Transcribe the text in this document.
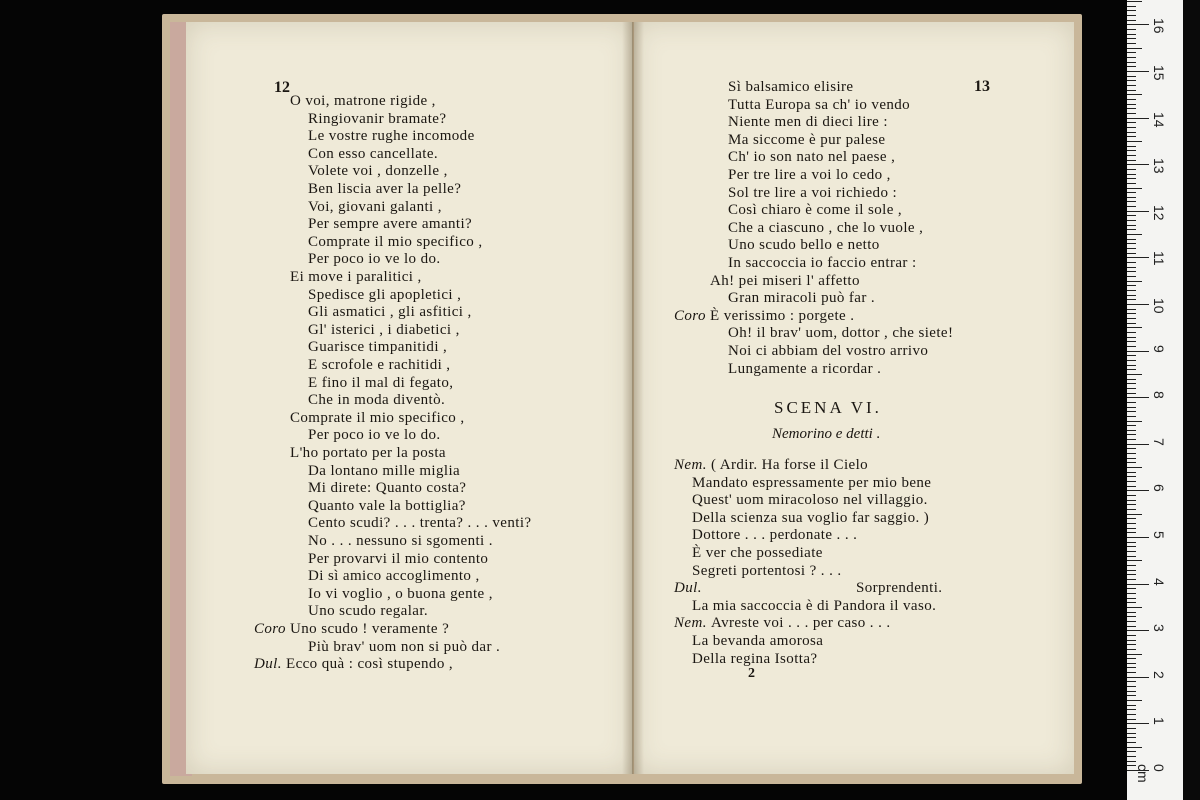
12
O voi, matrone rigide ,
Ringiovanir bramate?
Le vostre rughe incomode
Con esso cancellate.
Volete voi , donzelle ,
Ben liscia aver la pelle?
Voi, giovani galanti ,
Per sempre avere amanti?
Comprate il mio specifico ,
Per poco io ve lo do.
Ei move i paralitici ,
Spedisce gli apopletici ,
Gli asmatici , gli asfitici ,
Gl' isterici , i diabetici ,
Guarisce timpanitidi ,
E scrofole e rachitidi ,
E fino il mal di fegato,
Che in moda diventò.
Comprate il mio specifico ,
Per poco io ve lo do.
L'ho portato per la posta
Da lontano mille miglia
Mi direte: Quanto costa?
Quanto vale la bottiglia?
Cento scudi? . . . trenta? . . . venti?
No . . . nessuno si sgomenti .
Per provarvi il mio contento
Di sì amico accoglimento ,
Io vi voglio , o buona gente ,
Uno scudo regalar.
Coro Uno scudo ! veramente ?
Più brav' uom non si può dar .
Dul. Ecco quà : così stupendo ,
13
Sì balsamico elisire
Tutta Europa sa ch' io vendo
Niente men di dieci lire :
Ma siccome è pur palese
Ch' io son nato nel paese ,
Per tre lire a voi lo cedo ,
Sol tre lire a voi richiedo :
Così chiaro è come il sole ,
Che a ciascuno , che lo vuole ,
Uno scudo bello e netto
In saccoccia io faccio entrar :
Ah! pei miseri l' affetto
Gran miracoli può far .
Coro È verissimo : porgete .
Oh! il brav' uom, dottor , che siete!
Noi ci abbiam del vostro arrivo
Lungamente a ricordar .
SCENA VI.
Nemorino e detti .
Nem. ( Ardir. Ha forse il Cielo
Mandato espressamente per mio bene
Quest' uom miracoloso nel villaggio.
Della scienza sua voglio far saggio. )
Dottore . . . perdonate . . .
È ver che possediate
Segreti portentosi ? . . .
Dul.	Sorprendenti.
La mia saccoccia è di Pandora il vaso.
Nem. Avreste voi . . . per caso . . .
La bevanda amorosa
Della regina Isotta?
2
0 cm
1
2
3
4
5
6
7
8
9
10
11
12
13
14
15
16
